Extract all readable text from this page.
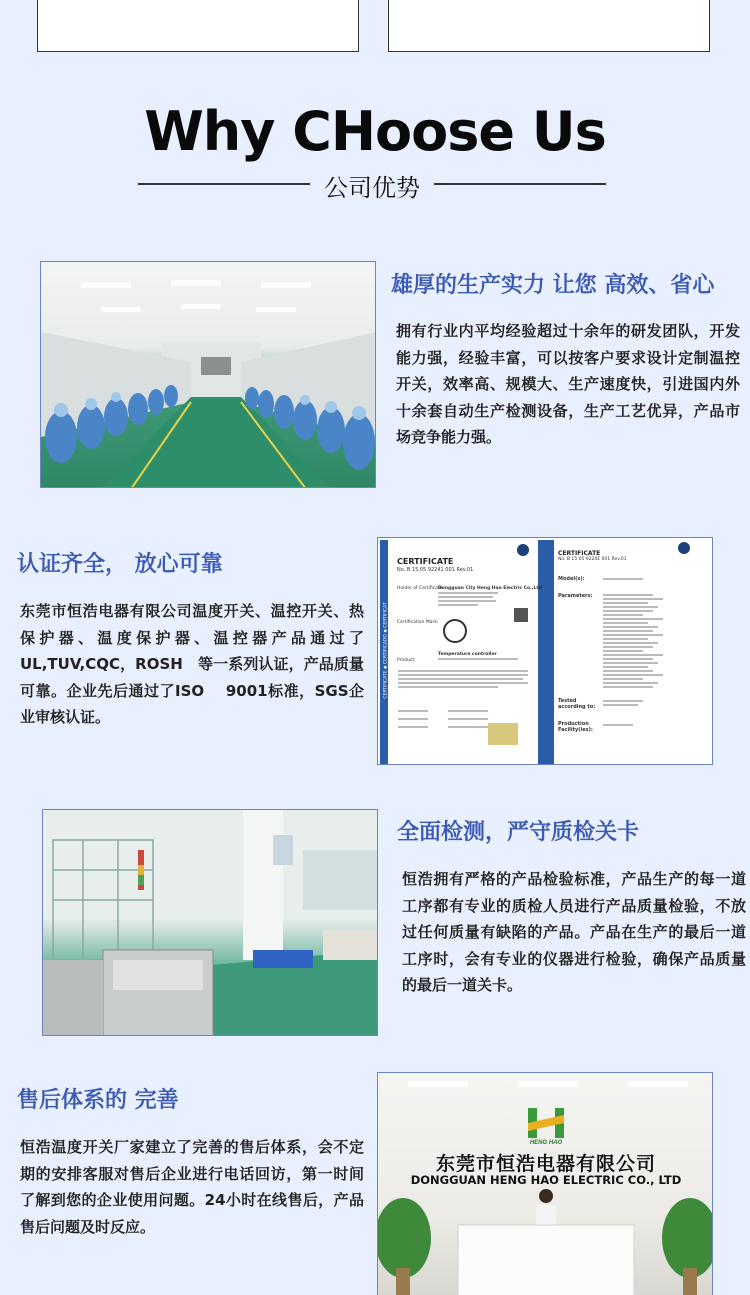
Why CHoose Us
公司优势
雄厚的生产实力 让您 高效、省心
拥有行业内平均经验超过十余年的研发团队，开发能力强，经验丰富，可以按客户要求设计定制温控开关，效率高、规模大、生产速度快，引进国内外十余套自动生产检测设备，生产工艺优异，产品市场竞争能力强。
认证齐全， 放心可靠
东莞市恒浩电器有限公司温度开关、温控开关、热保护器、温度保护器、温控器产品通过了UL,TUV,CQC，ROSH　等一系列认证，产品质量可靠。企业先后通过了ISO　 9001标准，SGS企业审核认证。
CERTIFICATE
No. B 15 05 92241 001 Rev.01
Holder of Certificate:
Dongguan City Heng Hao Electric Co.,Ltd
Certification Mark:
Product:
Temperature controller
CERTIFICATE
No. B 15 05 92241 001 Rev.01
Model(s):
Parameters:
Tested according to:
Production Facility(ies):
CERTIFICATE ◆ CERTIFICADO ◆ CERTIFICAT
全面检测，严守质检关卡
恒浩拥有严格的产品检验标准，产品生产的每一道工序都有专业的质检人员进行产品质量检验，不放过任何质量有缺陷的产品。产品在生产的最后一道工序时，会有专业的仪器进行检验，确保产品质量的最后一道关卡。
售后体系的 完善
恒浩温度开关厂家建立了完善的售后体系，会不定期的安排客服对售后企业进行电话回访，第一时间了解到您的企业使用问题。24小时在线售后，产品售后问题及时反应。
HENG HAO
东莞市恒浩电器有限公司
DONGGUAN HENG HAO ELECTRIC CO., LTD
